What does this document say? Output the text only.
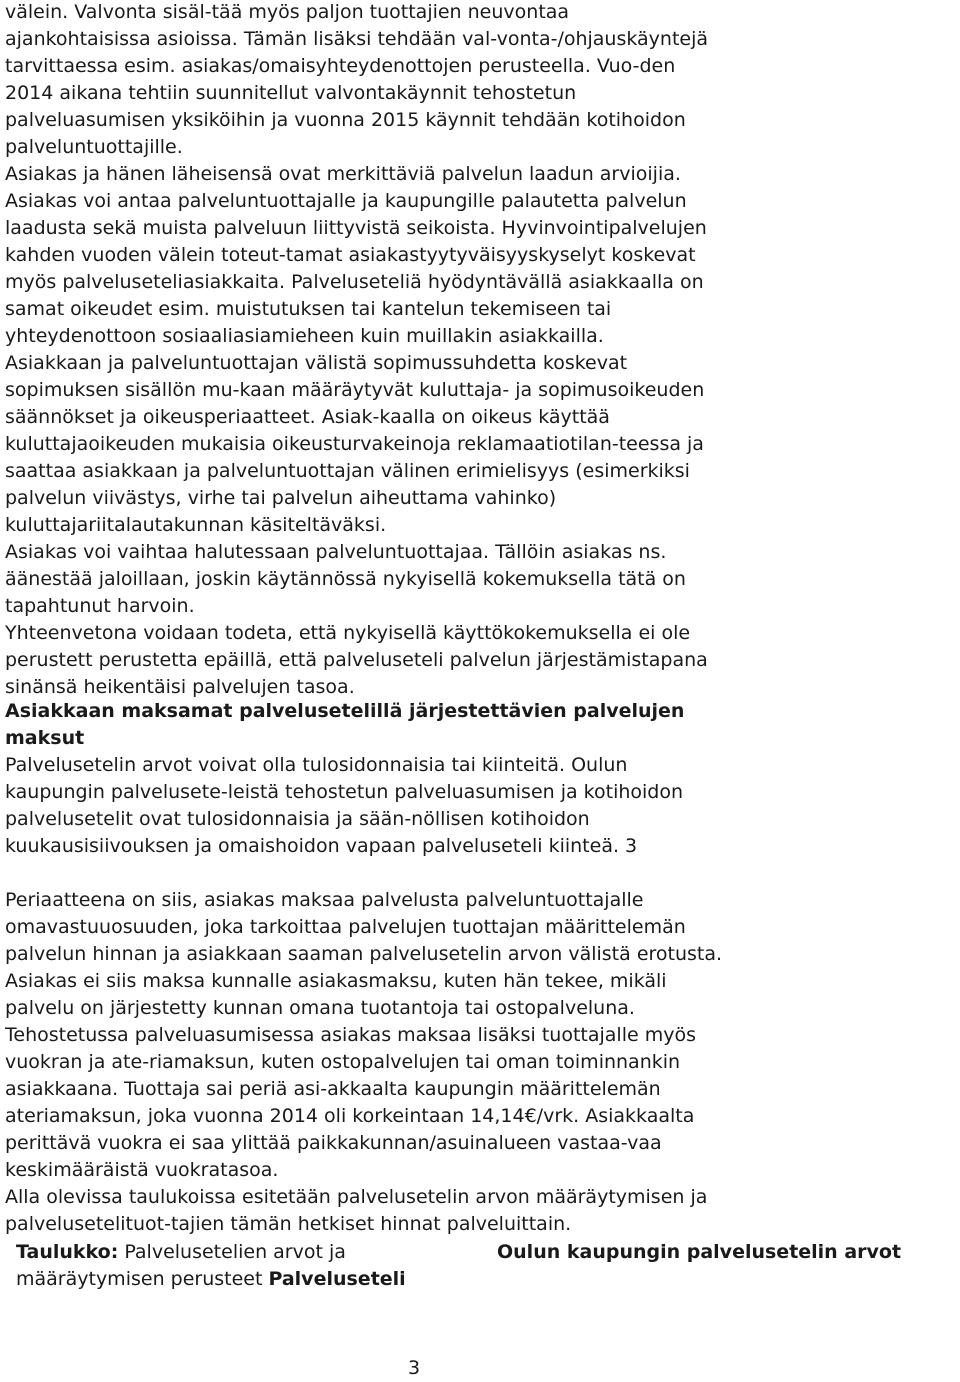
välein. Valvonta sisäl-tää myös paljon tuottajien neuvontaa
ajankohtaisissa asioissa. Tämän lisäksi tehdään val-vonta-/ohjauskäyntejä
tarvittaessa esim. asiakas/omaisyhteydenottojen perusteella. Vuo-den
2014 aikana tehtiin suunnitellut valvontakäynnit tehostetun
palveluasumisen yksiköihin ja vuonna 2015 käynnit tehdään kotihoidon
palveluntuottajille.
Asiakas ja hänen läheisensä ovat merkittäviä palvelun laadun arvioijia.
Asiakas voi antaa palveluntuottajalle ja kaupungille palautetta palvelun
laadusta sekä muista palveluun liittyvistä seikoista. Hyvinvointipalvelujen
kahden vuoden välein toteut-tamat asiakastyytyväisyyskyselyt koskevat
myös palveluseteliasiakkaita. Palveluseteliä hyödyntävällä asiakkaalla on
samat oikeudet esim. muistutuksen tai kantelun tekemiseen tai
yhteydenottoon sosiaaliasiamieheen kuin muillakin asiakkailla.
Asiakkaan ja palveluntuottajan välistä sopimussuhdetta koskevat
sopimuksen sisällön mu-kaan määräytyvät kuluttaja- ja sopimusoikeuden
säännökset ja oikeusperiaatteet. Asiak-kaalla on oikeus käyttää
kuluttajaoikeuden mukaisia oikeusturvakeinoja reklamaatiotilan-teessa ja
saattaa asiakkaan ja palveluntuottajan välinen erimielisyys (esimerkiksi
palvelun viivästys, virhe tai palvelun aiheuttama vahinko)
kuluttajariitalautakunnan käsiteltäväksi.
Asiakas voi vaihtaa halutessaan palveluntuottajaa. Tällöin asiakas ns.
äänestää jaloillaan, joskin käytännössä nykyisellä kokemuksella tätä on
tapahtunut harvoin.
Yhteenvetona voidaan todeta, että nykyisellä käyttökokemuksella ei ole
perustett perustetta epäillä, että palveluseteli palvelun järjestämistapana
sinänsä heikentäisi palvelujen tasoa.
Asiakkaan maksamat palvelusetelillä järjestettävien palvelujen
maksut
Palvelusetelin arvot voivat olla tulosidonnaisia tai kiinteitä. Oulun
kaupungin palvelusete-leistä tehostetun palveluasumisen ja kotihoidon
palvelusetelit ovat tulosidonnaisia ja sään-nöllisen kotihoidon
kuukausisiivouksen ja omaishoidon vapaan palveluseteli kiinteä. 3
Periaatteena on siis, asiakas maksaa palvelusta palveluntuottajalle
omavastuuosuuden, joka tarkoittaa palvelujen tuottajan määrittelemän
palvelun hinnan ja asiakkaan saaman palvelusetelin arvon välistä erotusta.
Asiakas ei siis maksa kunnalle asiakasmaksu, kuten hän tekee, mikäli
palvelu on järjestetty kunnan omana tuotantoja tai ostopalveluna.
Tehostetussa palveluasumisessa asiakas maksaa lisäksi tuottajalle myös
vuokran ja ate-riamaksun, kuten ostopalvelujen tai oman toiminnankin
asiakkaana. Tuottaja sai periä asi-akkaalta kaupungin määrittelemän
ateriamaksun, joka vuonna 2014 oli korkeintaan 14,14€/vrk. Asiakkaalta
perittävä vuokra ei saa ylittää paikkakunnan/asuinalueen vastaa-vaa
keskimääräistä vuokratasoa.
Alla olevissa taulukoissa esitetään palvelusetelin arvon määräytymisen ja
palvelusetelituot-tajien tämän hetkiset hinnat palveluittain.
Taulukko: Palvelusetelien arvot ja
määräytymisen perusteet Palveluseteli
Oulun kaupungin palvelusetelin arvot
3
